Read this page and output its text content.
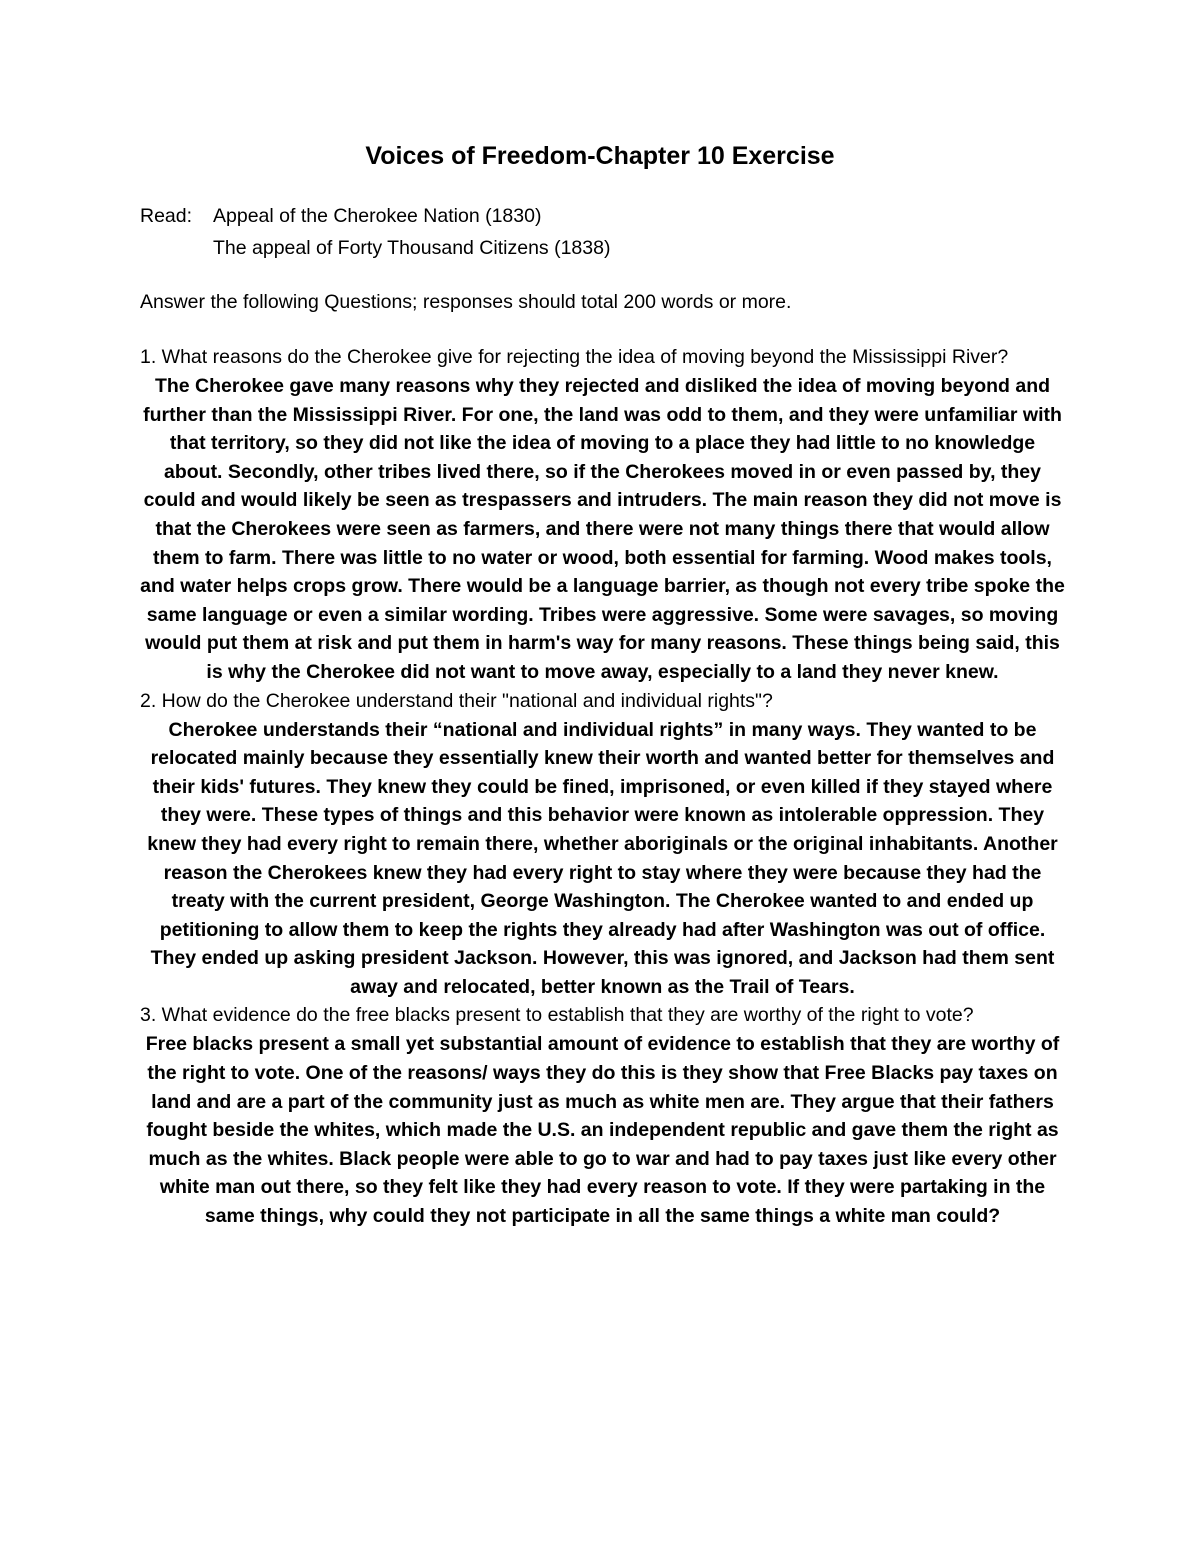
Voices of Freedom-Chapter 10 Exercise
Read:	Appeal of the Cherokee Nation (1830)
The appeal of Forty Thousand Citizens (1838)
Answer the following Questions; responses should total 200 words or more.

1. What reasons do the Cherokee give for rejecting the idea of moving beyond the Mississippi River?

The Cherokee gave many reasons why they rejected and disliked the idea of moving beyond and further than the Mississippi River. For one, the land was odd to them, and they were unfamiliar with that territory, so they did not like the idea of moving to a place they had little to no knowledge about. Secondly, other tribes lived there, so if the Cherokees moved in or even passed by, they could and would likely be seen as trespassers and intruders. The main reason they did not move is that the Cherokees were seen as farmers, and there were not many things there that would allow them to farm. There was little to no water or wood, both essential for farming. Wood makes tools, and water helps crops grow. There would be a language barrier, as though not every tribe spoke the same language or even a similar wording. Tribes were aggressive. Some were savages, so moving would put them at risk and put them in harm's way for many reasons. These things being said, this is why the Cherokee did not want to move away, especially to a land they never knew.

2. How do the Cherokee understand their "national and individual rights"?

Cherokee understands their “national and individual rights” in many ways. They wanted to be relocated mainly because they essentially knew their worth and wanted better for themselves and their kids' futures. They knew they could be fined, imprisoned, or even killed if they stayed where they were. These types of things and this behavior were known as intolerable oppression. They knew they had every right to remain there, whether aboriginals or the original inhabitants. Another reason the Cherokees knew they had every right to stay where they were because they had the treaty with the current president, George Washington. The Cherokee wanted to and ended up petitioning to allow them to keep the rights they already had after Washington was out of office. They ended up asking president Jackson. However, this was ignored, and Jackson had them sent away and relocated, better known as the Trail of Tears.

3. What evidence do the free blacks present to establish that they are worthy of the right to vote?

Free blacks present a small yet substantial amount of evidence to establish that they are worthy of the right to vote. One of the reasons/ ways they do this is they show that Free Blacks pay taxes on land and are a part of the community just as much as white men are. They argue that their fathers fought beside the whites, which made the U.S. an independent republic and gave them the right as much as the whites. Black people were able to go to war and had to pay taxes just like every other white man out there, so they felt like they had every reason to vote. If they were partaking in the same things, why could they not participate in all the same things a white man could?
